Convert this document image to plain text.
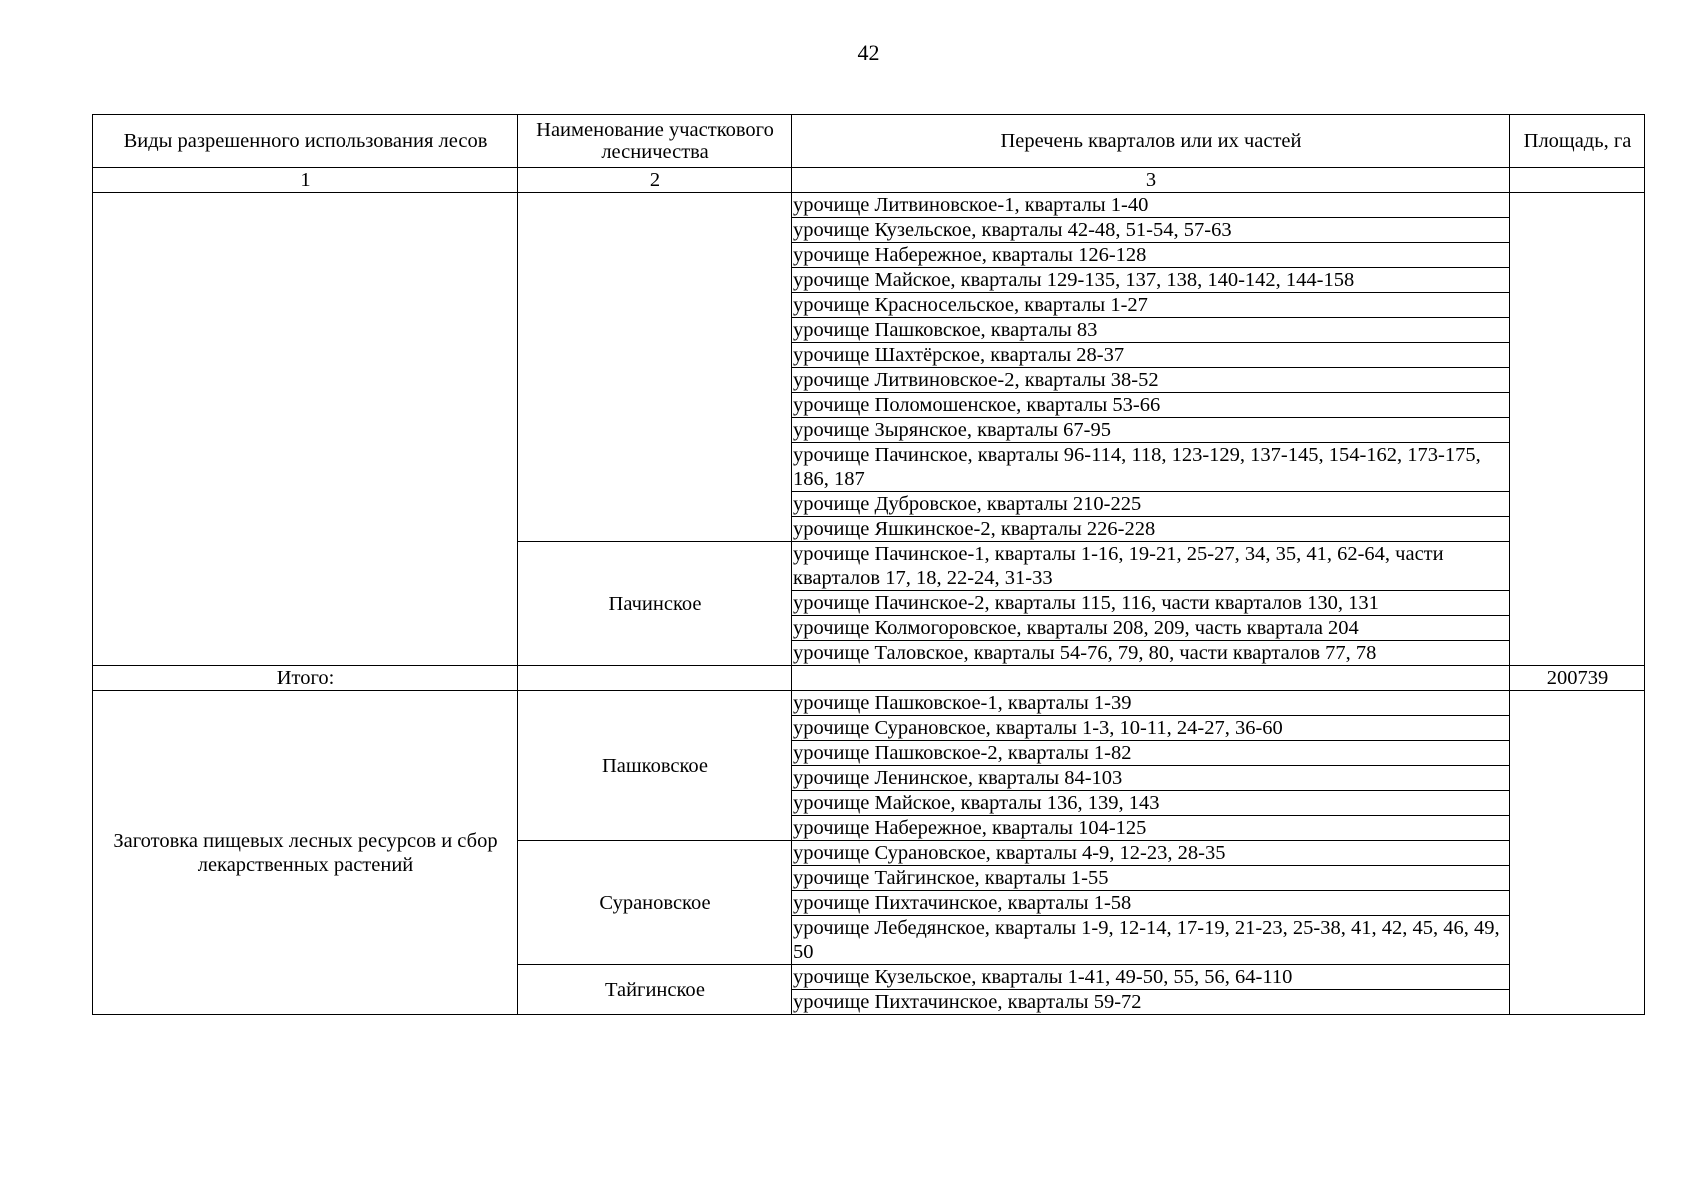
42
Виды разрешенного использования лесов	Наименование участкового лесничества	Перечень кварталов или их частей	Площадь, га
1	2	3	
		урочище Литвиновское-1, кварталы 1-40	
		урочище Кузельское, кварталы 42-48, 51-54, 57-63	
		урочище Набережное, кварталы 126-128	
		урочище Майское, кварталы 129-135, 137, 138, 140-142, 144-158	
		урочище Красносельское, кварталы 1-27	
		урочище Пашковское, кварталы 83	
		урочище Шахтёрское, кварталы 28-37	
		урочище Литвиновское-2, кварталы 38-52	
		урочище Поломошенское, кварталы 53-66	
		урочище Зырянское, кварталы 67-95	
		урочище Пачинское, кварталы 96-114, 118, 123-129, 137-145, 154-162, 173-175, 186, 187	
		урочище Дубровское, кварталы 210-225	
		урочище Яшкинское-2, кварталы 226-228	
	Пачинское	урочище Пачинское-1, кварталы 1-16, 19-21, 25-27, 34, 35, 41, 62-64, части кварталов 17, 18, 22-24, 31-33	
		урочище Пачинское-2, кварталы 115, 116, части кварталов 130, 131	
		урочище Колмогоровское, кварталы 208, 209, часть квартала 204	
		урочище Таловское, кварталы 54-76, 79, 80, части кварталов 77, 78	
Итого:			200739
Заготовка пищевых лесных ресурсов и сбор лекарственных растений	Пашковское	урочище Пашковское-1, кварталы 1-39	
		урочище Сурановское, кварталы 1-3, 10-11, 24-27, 36-60	
		урочище Пашковское-2, кварталы 1-82	
		урочище Ленинское, кварталы 84-103	
		урочище Майское, кварталы 136, 139, 143	
		урочище Набережное, кварталы 104-125	
	Сурановское	урочище Сурановское, кварталы 4-9, 12-23, 28-35	
		урочище Тайгинское, кварталы 1-55	
		урочище Пихтачинское, кварталы 1-58	
		урочище Лебедянское, кварталы 1-9, 12-14, 17-19, 21-23, 25-38, 41, 42, 45, 46, 49, 50	
	Тайгинское	урочище Кузельское, кварталы 1-41, 49-50, 55, 56, 64-110	
		урочище Пихтачинское, кварталы 59-72	
